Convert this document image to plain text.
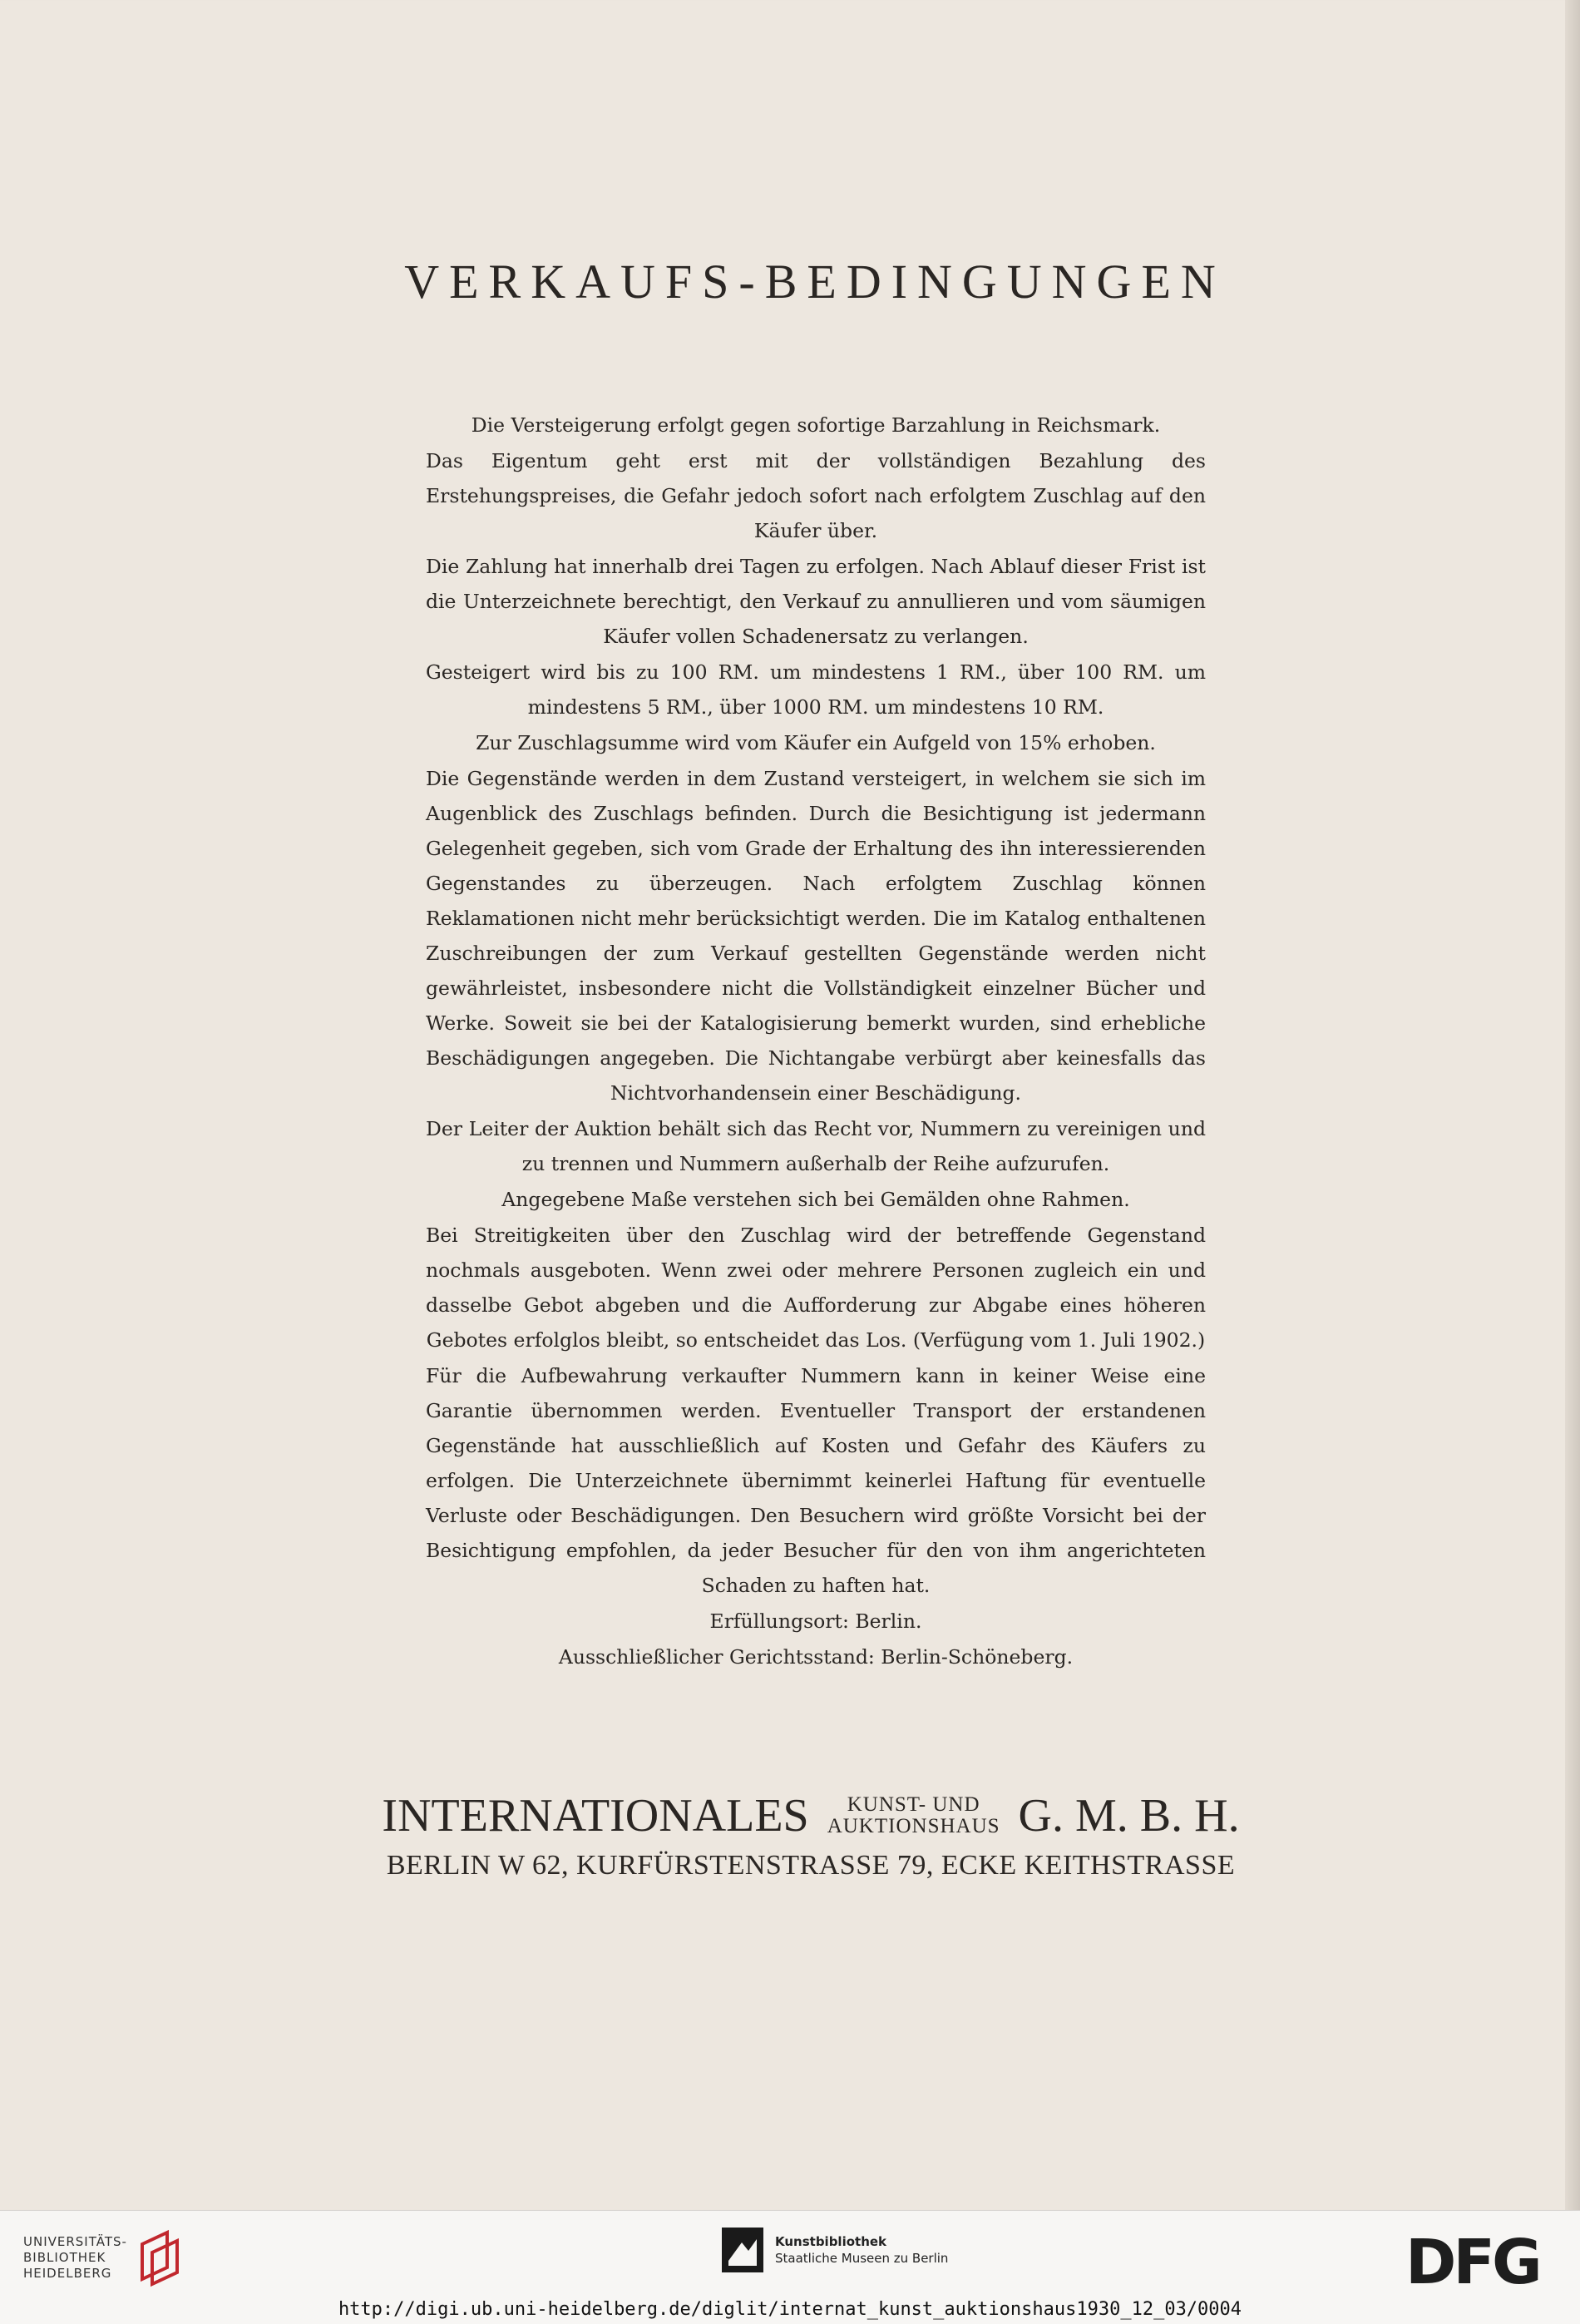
VERKAUFS-BEDINGUNGEN

Die Versteigerung erfolgt gegen sofortige Barzahlung in Reichsmark.

Das Eigentum geht erst mit der vollständigen Bezahlung des Erstehungspreises, die Gefahr jedoch sofort nach erfolgtem Zuschlag auf den Käufer über.

Die Zahlung hat innerhalb drei Tagen zu erfolgen. Nach Ablauf dieser Frist ist die Unterzeichnete berechtigt, den Verkauf zu annullieren und vom säumigen Käufer vollen Schadenersatz zu verlangen.

Gesteigert wird bis zu 100 RM. um mindestens 1 RM., über 100 RM. um mindestens 5 RM., über 1000 RM. um mindestens 10 RM.

Zur Zuschlagsumme wird vom Käufer ein Aufgeld von 15% erhoben.

Die Gegenstände werden in dem Zustand versteigert, in welchem sie sich im Augenblick des Zuschlags befinden. Durch die Besichtigung ist jedermann Gelegenheit gegeben, sich vom Grade der Erhaltung des ihn interessierenden Gegenstandes zu überzeugen. Nach erfolgtem Zuschlag können Reklamationen nicht mehr berücksichtigt werden. Die im Katalog enthaltenen Zuschreibungen der zum Verkauf gestellten Gegenstände werden nicht gewährleistet, insbesondere nicht die Vollständigkeit einzelner Bücher und Werke. Soweit sie bei der Katalogisierung bemerkt wurden, sind erhebliche Beschädigungen angegeben. Die Nichtangabe verbürgt aber keinesfalls das Nichtvorhandensein einer Beschädigung.

Der Leiter der Auktion behält sich das Recht vor, Nummern zu vereinigen und zu trennen und Nummern außerhalb der Reihe aufzurufen.

Angegebene Maße verstehen sich bei Gemälden ohne Rahmen.

Bei Streitigkeiten über den Zuschlag wird der betreffende Gegenstand nochmals ausgeboten. Wenn zwei oder mehrere Personen zugleich ein und dasselbe Gebot abgeben und die Aufforderung zur Abgabe eines höheren Gebotes erfolglos bleibt, so entscheidet das Los. (Verfügung vom 1. Juli 1902.)

Für die Aufbewahrung verkaufter Nummern kann in keiner Weise eine Garantie übernommen werden. Eventueller Transport der erstandenen Gegenstände hat ausschließlich auf Kosten und Gefahr des Käufers zu erfolgen. Die Unterzeichnete übernimmt keinerlei Haftung für eventuelle Verluste oder Beschädigungen. Den Besuchern wird größte Vorsicht bei der Besichtigung empfohlen, da jeder Besucher für den von ihm angerichteten Schaden zu haften hat.

Erfüllungsort: Berlin.

Ausschließlicher Gerichtsstand: Berlin-Schöneberg.

INTERNATIONALES KUNST- UND
AUKTIONSHAUS G. M. B. H.
BERLIN W 62, KURFÜRSTENSTRASSE 79, ECKE KEITHSTRASSE
UNIVERSITÄTS-
BIBLIOTHEK
HEIDELBERG
Kunstbibliothek
Staatliche Museen zu Berlin	DFG
http://digi.ub.uni-heidelberg.de/diglit/internat_kunst_auktionshaus1930_12_03/0004
